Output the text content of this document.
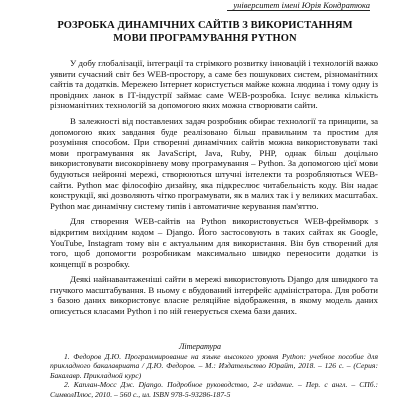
університет імені Юрія Кондратюка
РОЗРОБКА ДИНАМІЧНИХ САЙТІВ З ВИКОРИСТАННЯМ МОВИ ПРОГРАМУВАННЯ PYTHON

У добу глобалізації, інтеграції та стрімкого розвитку інновацій і технологій важко уявити сучасний світ без WEB-простору, а саме без пошукових систем, різноманітних сайтів та додатків. Мережею Інтернет користується майже кожна людина і тому одну із провідних ланок в ІТ-індустрії займає саме WEB-розробка. Існує велика кількість різноманітних технологій за допомогою яких можна створювати сайти.

В залежності від поставлених задач розробник обирає технології та принципи, за допомогою яких завдання буде реалізовано більш правильним та простим для розуміння способом. При створенні динамічних сайтів можна використовувати такі мови програмування як JavaScript, Java, Ruby, PHP, однак більш доцільно використовувати високорівневу мову програмування – Python. За допомогою цієї мови будуються нейронні мережі, створюються штучні інтелекти та розробляються WEB-сайти. Python має філософію дизайну, яка підкреслює читабельність коду. Він надає конструкції, які дозволяють чітко програмувати, як в малих так і у великих масштабах. Python має динамічну систему типів і автоматичне керування пам'яттю.

Для створення WEB-сайтів на Python використовується WEB-фреймворк з відкритим вихідним кодом – Django. Його застосовують в таких сайтах як Google, YouTube, Instagram тому він є актуальним для використання. Він був створений для того, щоб допомогти розробникам максимально швидко переносити додатки із концепції в розробку.

Деякі найнавантаженіші сайти в мережі використовують Django для швидкого та гнучкого масштабування. В ньому є вбудований інтерфейс адміністратора. Для роботи з базою даних використовує власне реляційне відображення, в якому модель даних описується класами Python і по ній генерується схема бази даних.

Література

1. Федоров Д.Ю. Программирование на языке высокого уровня Python: учебное пособие для прикладного бакалавриата / Д.Ю. Федоров. – М.: Издательство Юрайт, 2018. – 126 с. – (Серия: Бакалавр. Прикладной курс)

2. Каплан-Мосс Дж. Django. Подробное руководство, 2-е издание. – Пер. с англ. – СПб.: СимволПлюс, 2010. – 560 с., ил. ISBN 978-5-93286-187-5
